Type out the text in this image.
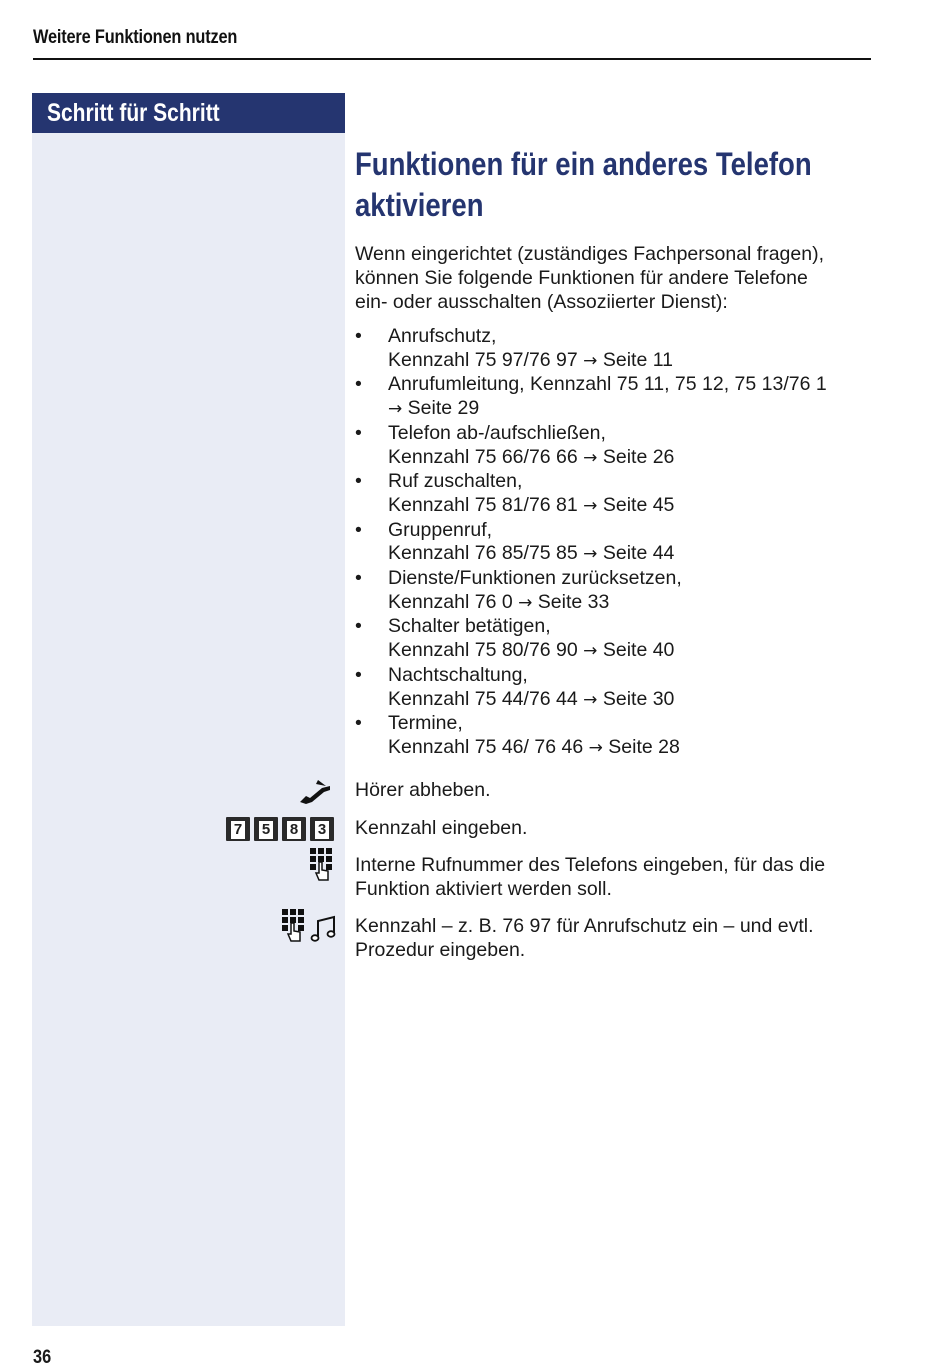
Weitere Funktionen nutzen
Schritt für Schritt
Funktionen für ein anderes Telefon
aktivieren
Wenn eingerichtet (zuständiges Fachpersonal fragen),
können Sie folgende Funktionen für andere Telefone
ein- oder ausschalten (Assoziierter Dienst):
• Anrufschutz,
Kennzahl 75 97/76 97 → Seite 11
• Anrufumleitung, Kennzahl 75 11, 75 12, 75 13/76 1
→ Seite 29
• Telefon ab-/aufschließen,
Kennzahl 75 66/76 66 → Seite 26
• Ruf zuschalten,
Kennzahl 75 81/76 81 → Seite 45
• Gruppenruf,
Kennzahl 76 85/75 85 → Seite 44
• Dienste/Funktionen zurücksetzen,
Kennzahl 76 0 → Seite 33
• Schalter betätigen,
Kennzahl 75 80/76 90 → Seite 40
• Nachtschaltung,
Kennzahl 75 44/76 44 → Seite 30
• Termine,
Kennzahl 75 46/ 76 46 → Seite 28
Hörer abheben.
7	5	8	3	Kennzahl eingeben.
Interne Rufnummer des Telefons eingeben, für das die
Funktion aktiviert werden soll.
Kennzahl – z. B. 76 97 für Anrufschutz ein – und evtl.
Prozedur eingeben.
36
